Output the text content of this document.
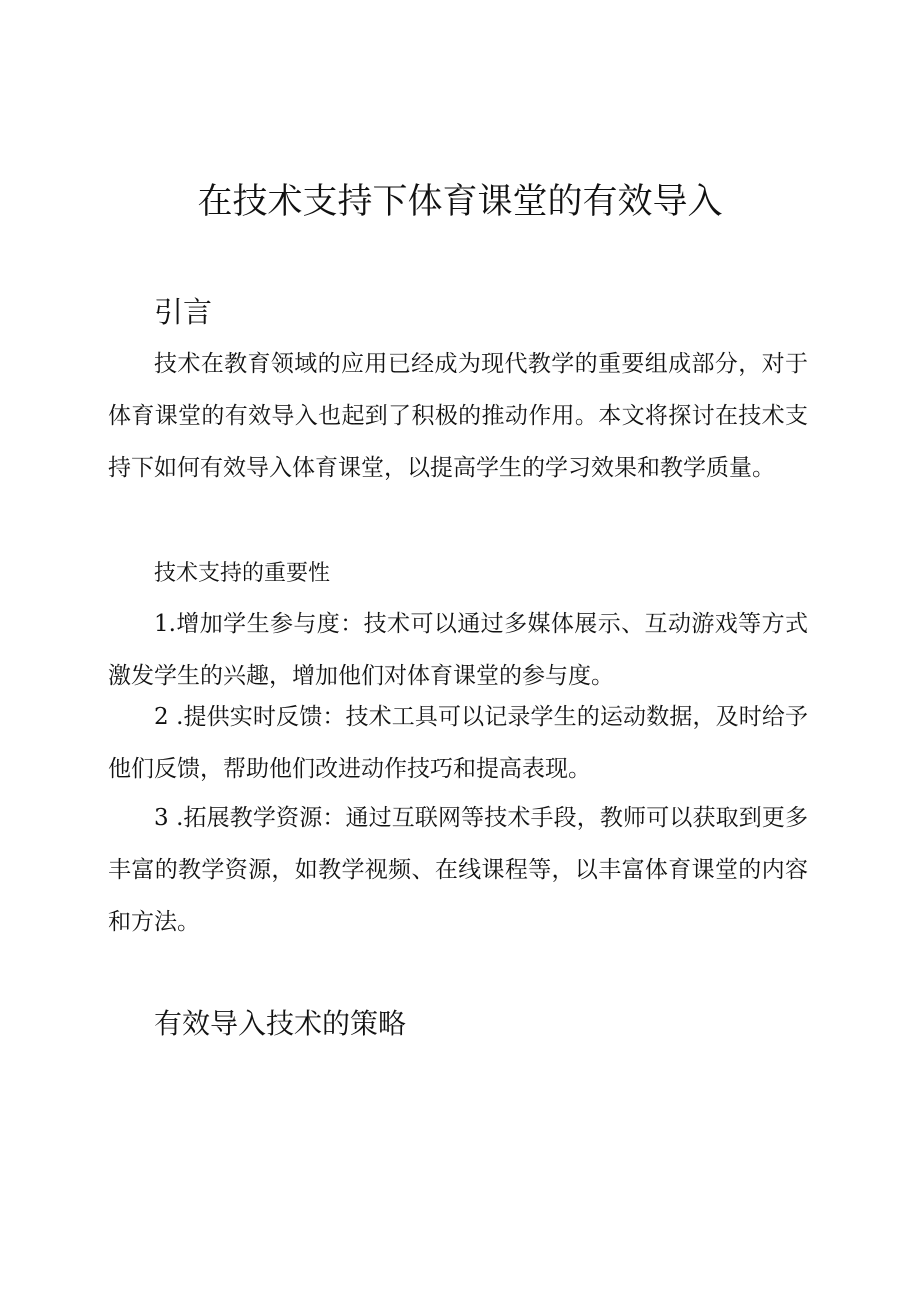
在技术支持下体育课堂的有效导入
引言

技术在教育领域的应用已经成为现代教学的重要组成部分，对于体育课堂的有效导入也起到了积极的推动作用。本文将探讨在技术支持下如何有效导入体育课堂，以提高学生的学习效果和教学质量。

技术支持的重要性

1.增加学生参与度：技术可以通过多媒体展示、互动游戏等方式激发学生的兴趣，增加他们对体育课堂的参与度。

2 .提供实时反馈：技术工具可以记录学生的运动数据，及时给予他们反馈，帮助他们改进动作技巧和提高表现。

3 .拓展教学资源：通过互联网等技术手段，教师可以获取到更多丰富的教学资源，如教学视频、在线课程等，以丰富体育课堂的内容和方法。

有效导入技术的策略
